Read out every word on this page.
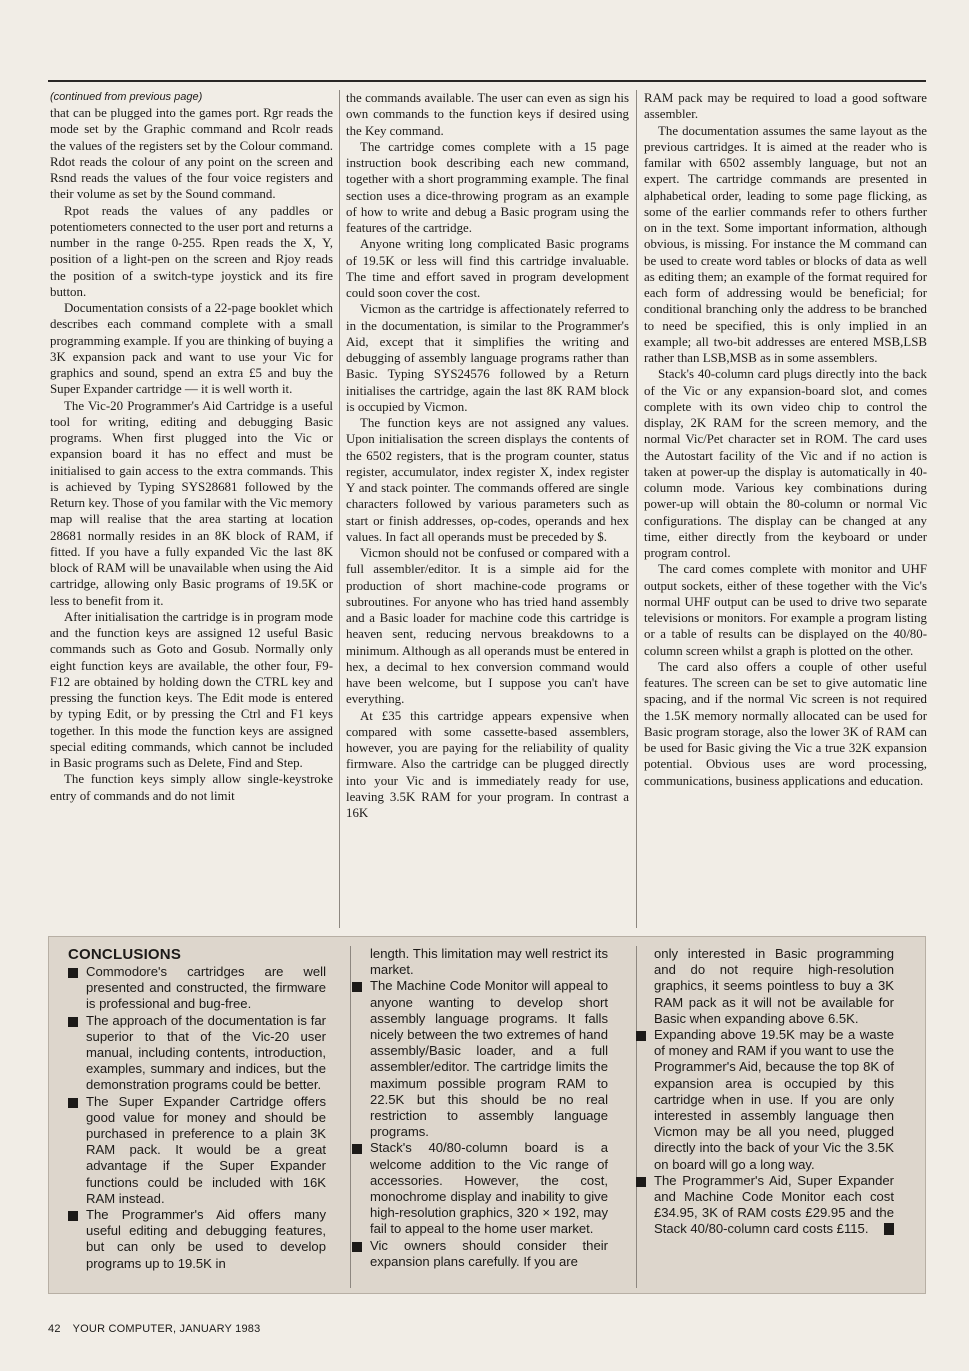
(continued from previous page)

that can be plugged into the games port. Rgr reads the mode set by the Graphic command and Rcolr reads the values of the registers set by the Colour command. Rdot reads the colour of any point on the screen and Rsnd reads the values of the four voice registers and their volume as set by the Sound command.

Rpot reads the values of any paddles or potentiometers connected to the user port and returns a number in the range 0-255. Rpen reads the X, Y, position of a light-pen on the screen and Rjoy reads the position of a switch-type joystick and its fire button.

Documentation consists of a 22-page booklet which describes each command complete with a small programming example. If you are thinking of buying a 3K expansion pack and want to use your Vic for graphics and sound, spend an extra £5 and buy the Super Expander cartridge — it is well worth it.

The Vic-20 Programmer's Aid Cartridge is a useful tool for writing, editing and debugging Basic programs. When first plugged into the Vic or expansion board it has no effect and must be initialised to gain access to the extra commands. This is achieved by Typing SYS28681 followed by the Return key. Those of you familar with the Vic memory map will realise that the area starting at location 28681 normally resides in an 8K block of RAM, if fitted. If you have a fully expanded Vic the last 8K block of RAM will be unavailable when using the Aid cartridge, allowing only Basic programs of 19.5K or less to benefit from it.

After initialisation the cartridge is in program mode and the function keys are assigned 12 useful Basic commands such as Goto and Gosub. Normally only eight function keys are available, the other four, F9-F12 are obtained by holding down the CTRL key and pressing the function keys. The Edit mode is entered by typing Edit, or by pressing the Ctrl and F1 keys together. In this mode the function keys are assigned special editing commands, which cannot be included in Basic programs such as Delete, Find and Step.

The function keys simply allow single-keystroke entry of commands and do not limit

the commands available. The user can even as sign his own commands to the function keys if desired using the Key command.

The cartridge comes complete with a 15 page instruction book describing each new command, together with a short programming example. The final section uses a dice-throwing program as an example of how to write and debug a Basic program using the features of the cartridge.

Anyone writing long complicated Basic programs of 19.5K or less will find this cartridge invaluable. The time and effort saved in program development could soon cover the cost.

Vicmon as the cartridge is affectionately referred to in the documentation, is similar to the Programmer's Aid, except that it simplifies the writing and debugging of assembly language programs rather than Basic. Typing SYS24576 followed by a Return initialises the cartridge, again the last 8K RAM block is occupied by Vicmon.

The function keys are not assigned any values. Upon initialisation the screen displays the contents of the 6502 registers, that is the program counter, status register, accumulator, index register X, index register Y and stack pointer. The commands offered are single characters followed by various parameters such as start or finish addresses, op-codes, operands and hex values. In fact all operands must be preceded by $.

Vicmon should not be confused or compared with a full assembler/editor. It is a simple aid for the production of short machine-code programs or subroutines. For anyone who has tried hand assembly and a Basic loader for machine code this cartridge is heaven sent, reducing nervous breakdowns to a minimum. Although as all operands must be entered in hex, a decimal to hex conversion command would have been welcome, but I suppose you can't have everything.

At £35 this cartridge appears expensive when compared with some cassette-based assemblers, however, you are paying for the reliability of quality firmware. Also the cartridge can be plugged directly into your Vic and is immediately ready for use, leaving 3.5K RAM for your program. In contrast a 16K

RAM pack may be required to load a good software assembler.

The documentation assumes the same layout as the previous cartridges. It is aimed at the reader who is familar with 6502 assembly language, but not an expert. The cartridge commands are presented in alphabetical order, leading to some page flicking, as some of the earlier commands refer to others further on in the text. Some important information, although obvious, is missing. For instance the M command can be used to create word tables or blocks of data as well as editing them; an example of the format required for each form of addressing would be beneficial; for conditional branching only the address to be branched to need be specified, this is only implied in an example; all two-bit addresses are entered MSB,LSB rather than LSB,MSB as in some assemblers.

Stack's 40-column card plugs directly into the back of the Vic or any expansion-board slot, and comes complete with its own video chip to control the display, 2K RAM for the screen memory, and the normal Vic/Pet character set in ROM. The card uses the Autostart facility of the Vic and if no action is taken at power-up the display is automatically in 40-column mode. Various key combinations during power-up will obtain the 80-column or normal Vic configurations. The display can be changed at any time, either directly from the keyboard or under program control.

The card comes complete with monitor and UHF output sockets, either of these together with the Vic's normal UHF output can be used to drive two separate televisions or monitors. For example a program listing or a table of results can be displayed on the 40/80-column screen whilst a graph is plotted on the other.

The card also offers a couple of other useful features. The screen can be set to give automatic line spacing, and if the normal Vic screen is not required the 1.5K memory normally allocated can be used for Basic program storage, also the lower 3K of RAM can be used for Basic giving the Vic a true 32K expansion potential. Obvious uses are word processing, communications, business applications and education.

CONCLUSIONS
Commodore's cartridges are well presented and constructed, the firmware is professional and bug-free.
The approach of the documentation is far superior to that of the Vic-20 user manual, including contents, introduction, examples, summary and indices, but the demonstration programs could be better.
The Super Expander Cartridge offers good value for money and should be purchased in preference to a plain 3K RAM pack. It would be a great advantage if the Super Expander functions could be included with 16K RAM instead.
The Programmer's Aid offers many useful editing and debugging features, but can only be used to develop programs up to 19.5K in
length. This limitation may well restrict its market.
The Machine Code Monitor will appeal to anyone wanting to develop short assembly language programs. It falls nicely between the two extremes of hand assembly/Basic loader, and a full assembler/editor. The cartridge limits the maximum possible program RAM to 22.5K but this should be no real restriction to assembly language programs.
Stack's 40/80-column board is a welcome addition to the Vic range of accessories. However, the cost, monochrome display and inability to give high-resolution graphics, 320 × 192, may fail to appeal to the home user market.
Vic owners should consider their expansion plans carefully. If you are
only interested in Basic programming and do not require high-resolution graphics, it seems pointless to buy a 3K RAM pack as it will not be available for Basic when expanding above 6.5K.
Expanding above 19.5K may be a waste of money and RAM if you want to use the Programmer's Aid, because the top 8K of expansion area is occupied by this cartridge when in use. If you are only interested in assembly language then Vicmon may be all you need, plugged directly into the back of your Vic the 3.5K on board will go a long way.
The Programmer's Aid, Super Expander and Machine Code Monitor each cost £34.95, 3K of RAM costs £29.95 and the Stack 40/80-column card costs £115.
42 YOUR COMPUTER, JANUARY 1983
